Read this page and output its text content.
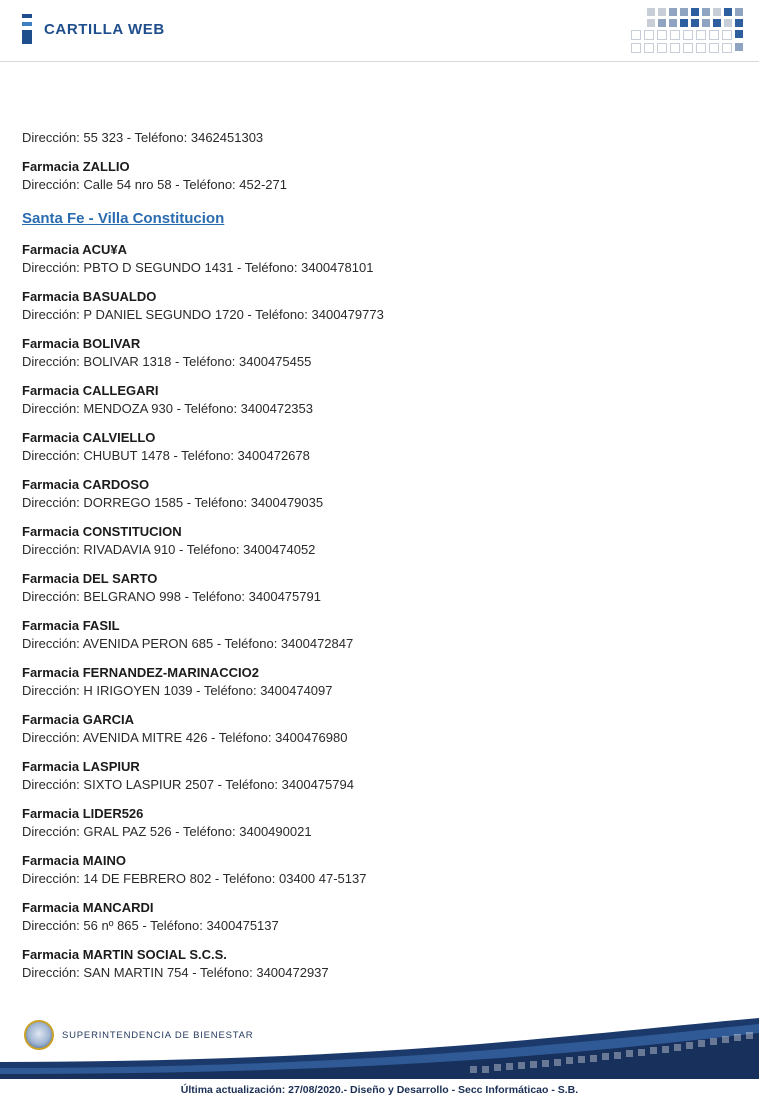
CARTILLA WEB
Dirección: 55 323 - Teléfono: 3462451303
Farmacia ZALLIO
Dirección: Calle 54 nro 58 - Teléfono: 452-271
Santa Fe - Villa Constitucion
Farmacia ACU¥A
Dirección: PBTO D SEGUNDO 1431 - Teléfono: 3400478101
Farmacia BASUALDO
Dirección: P DANIEL SEGUNDO 1720 - Teléfono: 3400479773
Farmacia BOLIVAR
Dirección: BOLIVAR 1318 - Teléfono: 3400475455
Farmacia CALLEGARI
Dirección: MENDOZA 930 - Teléfono: 3400472353
Farmacia CALVIELLO
Dirección: CHUBUT 1478 - Teléfono: 3400472678
Farmacia CARDOSO
Dirección: DORREGO 1585 - Teléfono: 3400479035
Farmacia CONSTITUCION
Dirección: RIVADAVIA 910 - Teléfono: 3400474052
Farmacia DEL SARTO
Dirección: BELGRANO 998 - Teléfono: 3400475791
Farmacia FASIL
Dirección: AVENIDA PERON 685 - Teléfono: 3400472847
Farmacia FERNANDEZ-MARINACCIO2
Dirección: H IRIGOYEN 1039 - Teléfono: 3400474097
Farmacia GARCIA
Dirección: AVENIDA MITRE 426 - Teléfono: 3400476980
Farmacia LASPIUR
Dirección: SIXTO LASPIUR 2507 - Teléfono: 3400475794
Farmacia LIDER526
Dirección: GRAL PAZ 526 - Teléfono: 3400490021
Farmacia MAINO
Dirección: 14 DE FEBRERO 802 - Teléfono: 03400 47-5137
Farmacia MANCARDI
Dirección: 56 nº 865 - Teléfono: 3400475137
Farmacia MARTIN SOCIAL S.C.S.
Dirección: SAN MARTIN 754 - Teléfono: 3400472937
SUPERINTENDENCIA DE BIENESTAR
Última actualización: 27/08/2020.- Diseño y Desarrollo - Secc Informáticao - S.B.
